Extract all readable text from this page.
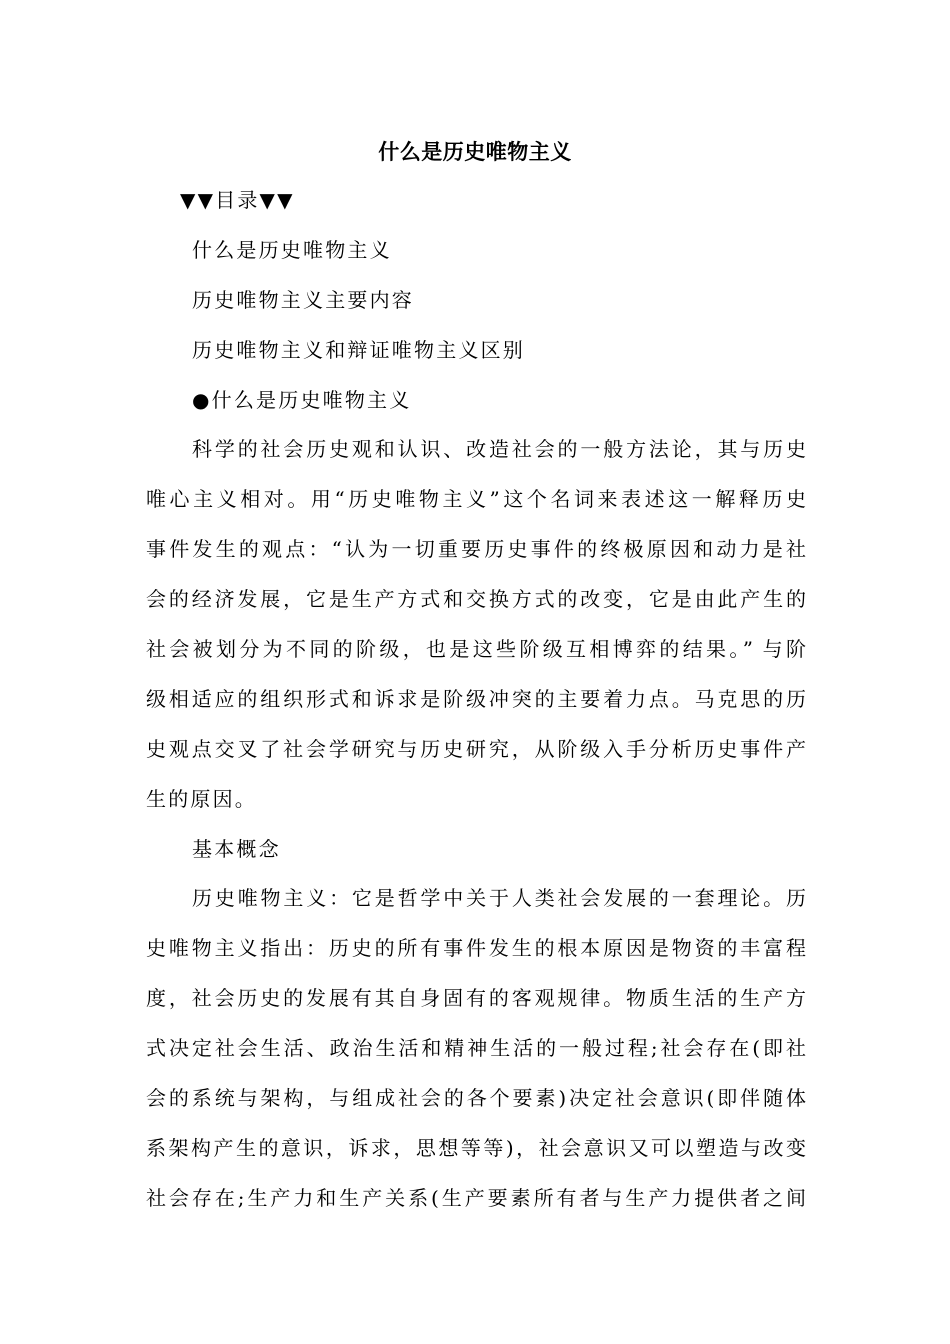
什么是历史唯物主义
▼▼目录▼▼
什么是历史唯物主义
历史唯物主义主要内容
历史唯物主义和辩证唯物主义区别
●什么是历史唯物主义
科学的社会历史观和认识、改造社会的一般方法论，其与历史
唯心主义相对。用“历史唯物主义”这个名词来表述这一解释历史
事件发生的观点：“认为一切重要历史事件的终极原因和动力是社
会的经济发展，它是生产方式和交换方式的改变，它是由此产生的
社会被划分为不同的阶级，也是这些阶级互相博弈的结果。” 与阶
级相适应的组织形式和诉求是阶级冲突的主要着力点。马克思的历
史观点交叉了社会学研究与历史研究，从阶级入手分析历史事件产
生的原因。
基本概念
历史唯物主义：它是哲学中关于人类社会发展的一套理论。历
史唯物主义指出：历史的所有事件发生的根本原因是物资的丰富程
度，社会历史的发展有其自身固有的客观规律。物质生活的生产方
式决定社会生活、政治生活和精神生活的一般过程;社会存在(即社
会的系统与架构，与组成社会的各个要素)决定社会意识(即伴随体
系架构产生的意识，诉求，思想等等)，社会意识又可以塑造与改变
社会存在;生产力和生产关系(生产要素所有者与生产力提供者之间
